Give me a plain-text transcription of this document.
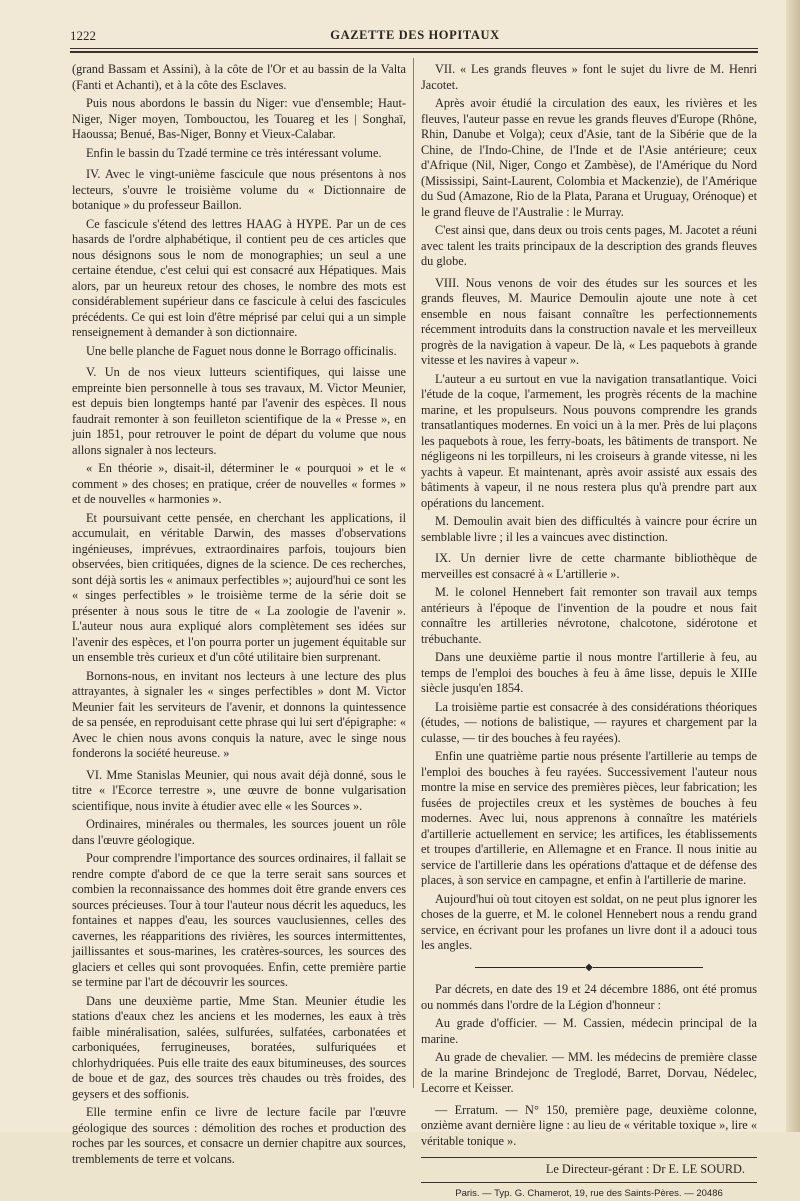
1222	GAZETTE DES HOPITAUX

(grand Bassam et Assini), à la côte de l'Or et au bassin de la Valta (Fanti et Achanti), et à la côte des Esclaves.

Puis nous abordons le bassin du Niger: vue d'ensemble; Haut-Niger, Niger moyen, Tombouctou, les Touareg et les | Songhaï, Haoussa; Benué, Bas-Niger, Bonny et Vieux-Calabar.

Enfin le bassin du Tzadé termine ce très intéressant volume.

IV. Avec le vingt-unième fascicule que nous présentons à nos lecteurs, s'ouvre le troisième volume du « Dictionnaire de botanique » du professeur Baillon.

Ce fascicule s'étend des lettres HAAG à HYPE. Par un de ces hasards de l'ordre alphabétique, il contient peu de ces articles que nous désignons sous le nom de monographies; un seul a une certaine étendue, c'est celui qui est consacré aux Hépatiques. Mais alors, par un heureux retour des choses, le nombre des mots est considérablement supérieur dans ce fascicule à celui des fascicules précédents. Ce qui est loin d'être méprisé par celui qui a un simple renseignement à demander à son dictionnaire.

Une belle planche de Faguet nous donne le Borrago officinalis.

V. Un de nos vieux lutteurs scientifiques, qui laisse une empreinte bien personnelle à tous ses travaux, M. Victor Meunier, est depuis bien longtemps hanté par l'avenir des espèces. Il nous faudrait remonter à son feuilleton scientifique de la « Presse », en juin 1851, pour retrouver le point de départ du volume que nous allons signaler à nos lecteurs.

« En théorie », disait-il, déterminer le « pourquoi » et le « comment » des choses; en pratique, créer de nouvelles « formes » et de nouvelles « harmonies ».

Et poursuivant cette pensée, en cherchant les applications, il accumulait, en véritable Darwin, des masses d'observations ingénieuses, imprévues, extraordinaires parfois, toujours bien observées, bien critiquées, dignes de la science. De ces recherches, sont déjà sortis les « animaux perfectibles »; aujourd'hui ce sont les « singes perfectibles » le troisième terme de la série doit se présenter à nous sous le titre de « La zoologie de l'avenir ». L'auteur nous aura expliqué alors complètement ses idées sur l'avenir des espèces, et l'on pourra porter un jugement équitable sur un ensemble très curieux et d'un côté utilitaire bien surprenant.

Bornons-nous, en invitant nos lecteurs à une lecture des plus attrayantes, à signaler les « singes perfectibles » dont M. Victor Meunier fait les serviteurs de l'avenir, et donnons la quintessence de sa pensée, en reproduisant cette phrase qui lui sert d'épigraphe: « Avec le chien nous avons conquis la nature, avec le singe nous fonderons la société heureuse. »

VI. Mme Stanislas Meunier, qui nous avait déjà donné, sous le titre « l'Ecorce terrestre », une œuvre de bonne vulgarisation scientifique, nous invite à étudier avec elle « les Sources ».

Ordinaires, minérales ou thermales, les sources jouent un rôle dans l'œuvre géologique.

Pour comprendre l'importance des sources ordinaires, il fallait se rendre compte d'abord de ce que la terre serait sans sources et combien la reconnaissance des hommes doit être grande envers ces sources précieuses. Tour à tour l'auteur nous décrit les aqueducs, les fontaines et nappes d'eau, les sources vauclusiennes, celles des cavernes, les réapparitions des rivières, les sources intermittentes, jaillissantes et sous-marines, les cratères-sources, les sources des glaciers et celles qui sont provoquées. Enfin, cette première partie se termine par l'art de découvrir les sources.

Dans une deuxième partie, Mme Stan. Meunier étudie les stations d'eaux chez les anciens et les modernes, les eaux à très faible minéralisation, salées, sulfurées, sulfatées, carbonatées et carboniquées, ferrugineuses, boratées, sulfuriquées et chlorhydriquées. Puis elle traite des eaux bitumineuses, des sources de boue et de gaz, des sources très chaudes ou très froides, des geysers et des soffionis.

Elle termine enfin ce livre de lecture facile par l'œuvre géologique des sources : démolition des roches et production des roches par les sources, et consacre un dernier chapitre aux sources, tremblements de terre et volcans.

VII. « Les grands fleuves » font le sujet du livre de M. Henri Jacotet.

Après avoir étudié la circulation des eaux, les rivières et les fleuves, l'auteur passe en revue les grands fleuves d'Europe (Rhône, Rhin, Danube et Volga); ceux d'Asie, tant de la Sibérie que de la Chine, de l'Indo-Chine, de l'Inde et de l'Asie antérieure; ceux d'Afrique (Nil, Niger, Congo et Zambèse), de l'Amérique du Nord (Mississipi, Saint-Laurent, Colombia et Mackenzie), de l'Amérique du Sud (Amazone, Rio de la Plata, Parana et Uruguay, Orénoque) et le grand fleuve de l'Australie : le Murray.

C'est ainsi que, dans deux ou trois cents pages, M. Jacotet a réuni avec talent les traits principaux de la description des grands fleuves du globe.

VIII. Nous venons de voir des études sur les sources et les grands fleuves, M. Maurice Demoulin ajoute une note à cet ensemble en nous faisant connaître les perfectionnements récemment introduits dans la construction navale et les merveilleux progrès de la navigation à vapeur. De là, « Les paquebots à grande vitesse et les navires à vapeur ».

L'auteur a eu surtout en vue la navigation transatlantique. Voici l'étude de la coque, l'armement, les progrès récents de la machine marine, et les propulseurs. Nous pouvons comprendre les grands transatlantiques modernes. En voici un à la mer. Près de lui plaçons les paquebots à roue, les ferry-boats, les bâtiments de transport. Ne négligeons ni les torpilleurs, ni les croiseurs à grande vitesse, ni les yachts à vapeur. Et maintenant, après avoir assisté aux essais des bâtiments à vapeur, il ne nous restera plus qu'à prendre part aux opérations du lancement.

M. Demoulin avait bien des difficultés à vaincre pour écrire un semblable livre ; il les a vaincues avec distinction.

IX. Un dernier livre de cette charmante bibliothèque de merveilles est consacré à « L'artillerie ».

M. le colonel Hennebert fait remonter son travail aux temps antérieurs à l'époque de l'invention de la poudre et nous fait connaître les artilleries névrotone, chalcotone, sidérotone et trébuchante.

Dans une deuxième partie il nous montre l'artillerie à feu, au temps de l'emploi des bouches à feu à âme lisse, depuis le XIIIe siècle jusqu'en 1854.

La troisième partie est consacrée à des considérations théoriques (études, — notions de balistique, — rayures et chargement par la culasse, — tir des bouches à feu rayées).

Enfin une quatrième partie nous présente l'artillerie au temps de l'emploi des bouches à feu rayées. Successivement l'auteur nous montre la mise en service des premières pièces, leur fabrication; les fusées de projectiles creux et les systèmes de bouches à feu modernes. Avec lui, nous apprenons à connaître les matériels d'artillerie actuellement en service; les artifices, les établissements et troupes d'artillerie, en Allemagne et en France. Il nous initie au service de l'artillerie dans les opérations d'attaque et de défense des places, à son service en campagne, et enfin à l'artillerie de marine.

Aujourd'hui où tout citoyen est soldat, on ne peut plus ignorer les choses de la guerre, et M. le colonel Hennebert nous a rendu grand service, en écrivant pour les profanes un livre dont il a adouci tous les angles.

◆

Par décrets, en date des 19 et 24 décembre 1886, ont été promus ou nommés dans l'ordre de la Légion d'honneur :

Au grade d'officier. — M. Cassien, médecin principal de la marine.

Au grade de chevalier. — MM. les médecins de première classe de la marine Brindejonc de Treglodé, Barret, Dorvau, Nédelec, Lecorre et Keisser.

— Erratum. — N° 150, première page, deuxième colonne, onzième avant dernière ligne : au lieu de « véritable toxique », lire « véritable tonique ».

Le Directeur-gérant : Dr E. LE SOURD.
Paris. — Typ. G. Chamerot, 19, rue des Saints-Pères. — 20486
